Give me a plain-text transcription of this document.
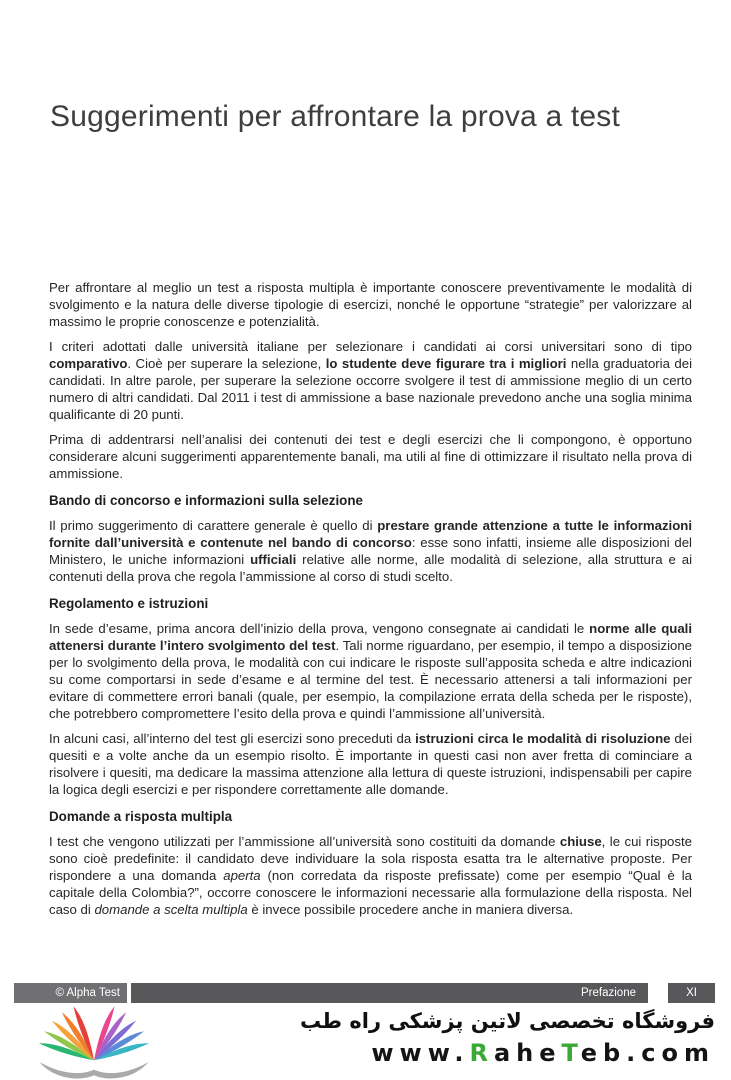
Suggerimenti per affrontare la prova a test

Per affrontare al meglio un test a risposta multipla è importante conoscere preventivamente le modalità di svolgimento e la natura delle diverse tipologie di esercizi, nonché le opportune “strategie” per valorizzare al massimo le proprie conoscenze e potenzialità.

I criteri adottati dalle università italiane per selezionare i candidati ai corsi universitari sono di tipo comparativo. Cioè per superare la selezione, lo studente deve figurare tra i migliori nella graduatoria dei candidati. In altre parole, per superare la selezione occorre svolgere il test di ammissione meglio di un certo numero di altri candidati. Dal 2011 i test di ammissione a base nazionale prevedono anche una soglia minima qualificante di 20 punti.

Prima di addentrarsi nell’analisi dei contenuti dei test e degli esercizi che li compongono, è opportuno considerare alcuni suggerimenti apparentemente banali, ma utili al fine di ottimizzare il risultato nella prova di ammissione.

Bando di concorso e informazioni sulla selezione

Il primo suggerimento di carattere generale è quello di prestare grande attenzione a tutte le informazioni fornite dall’università e contenute nel bando di concorso: esse sono infatti, insieme alle disposizioni del Ministero, le uniche informazioni ufficiali relative alle norme, alle modalità di selezione, alla struttura e ai contenuti della prova che regola l’ammissione al corso di studi scelto.

Regolamento e istruzioni

In sede d’esame, prima ancora dell’inizio della prova, vengono consegnate ai candidati le norme alle quali attenersi durante l’intero svolgimento del test. Tali norme riguardano, per esempio, il tempo a disposizione per lo svolgimento della prova, le modalità con cui indicare le risposte sull’apposita scheda e altre indicazioni su come comportarsi in sede d’esame e al termine del test. È necessario attenersi a tali informazioni per evitare di commettere errori banali (quale, per esempio, la compilazione errata della scheda per le risposte), che potrebbero compromettere l’esito della prova e quindi l’ammissione all’università.

In alcuni casi, all’interno del test gli esercizi sono preceduti da istruzioni circa le modalità di risoluzione dei quesiti e a volte anche da un esempio risolto. È importante in questi casi non aver fretta di cominciare a risolvere i quesiti, ma dedicare la massima attenzione alla lettura di queste istruzioni, indispensabili per capire la logica degli esercizi e per rispondere correttamente alle domande.

Domande a risposta multipla

I test che vengono utilizzati per l’ammissione all’università sono costituiti da domande chiuse, le cui risposte sono cioè predefinite: il candidato deve individuare la sola risposta esatta tra le alternative proposte. Per rispondere a una domanda aperta (non corredata da risposte prefissate) come per esempio “Qual è la capitale della Colombia?”, occorre conoscere le informazioni necessarie alla formulazione della risposta. Nel caso di domande a scelta multipla è invece possibile procedere anche in maniera diversa.

© Alpha Test	Prefazione	XI
فروشگاه تخصصی لاتین پزشکی راه طب
www.RaheTeb.com
